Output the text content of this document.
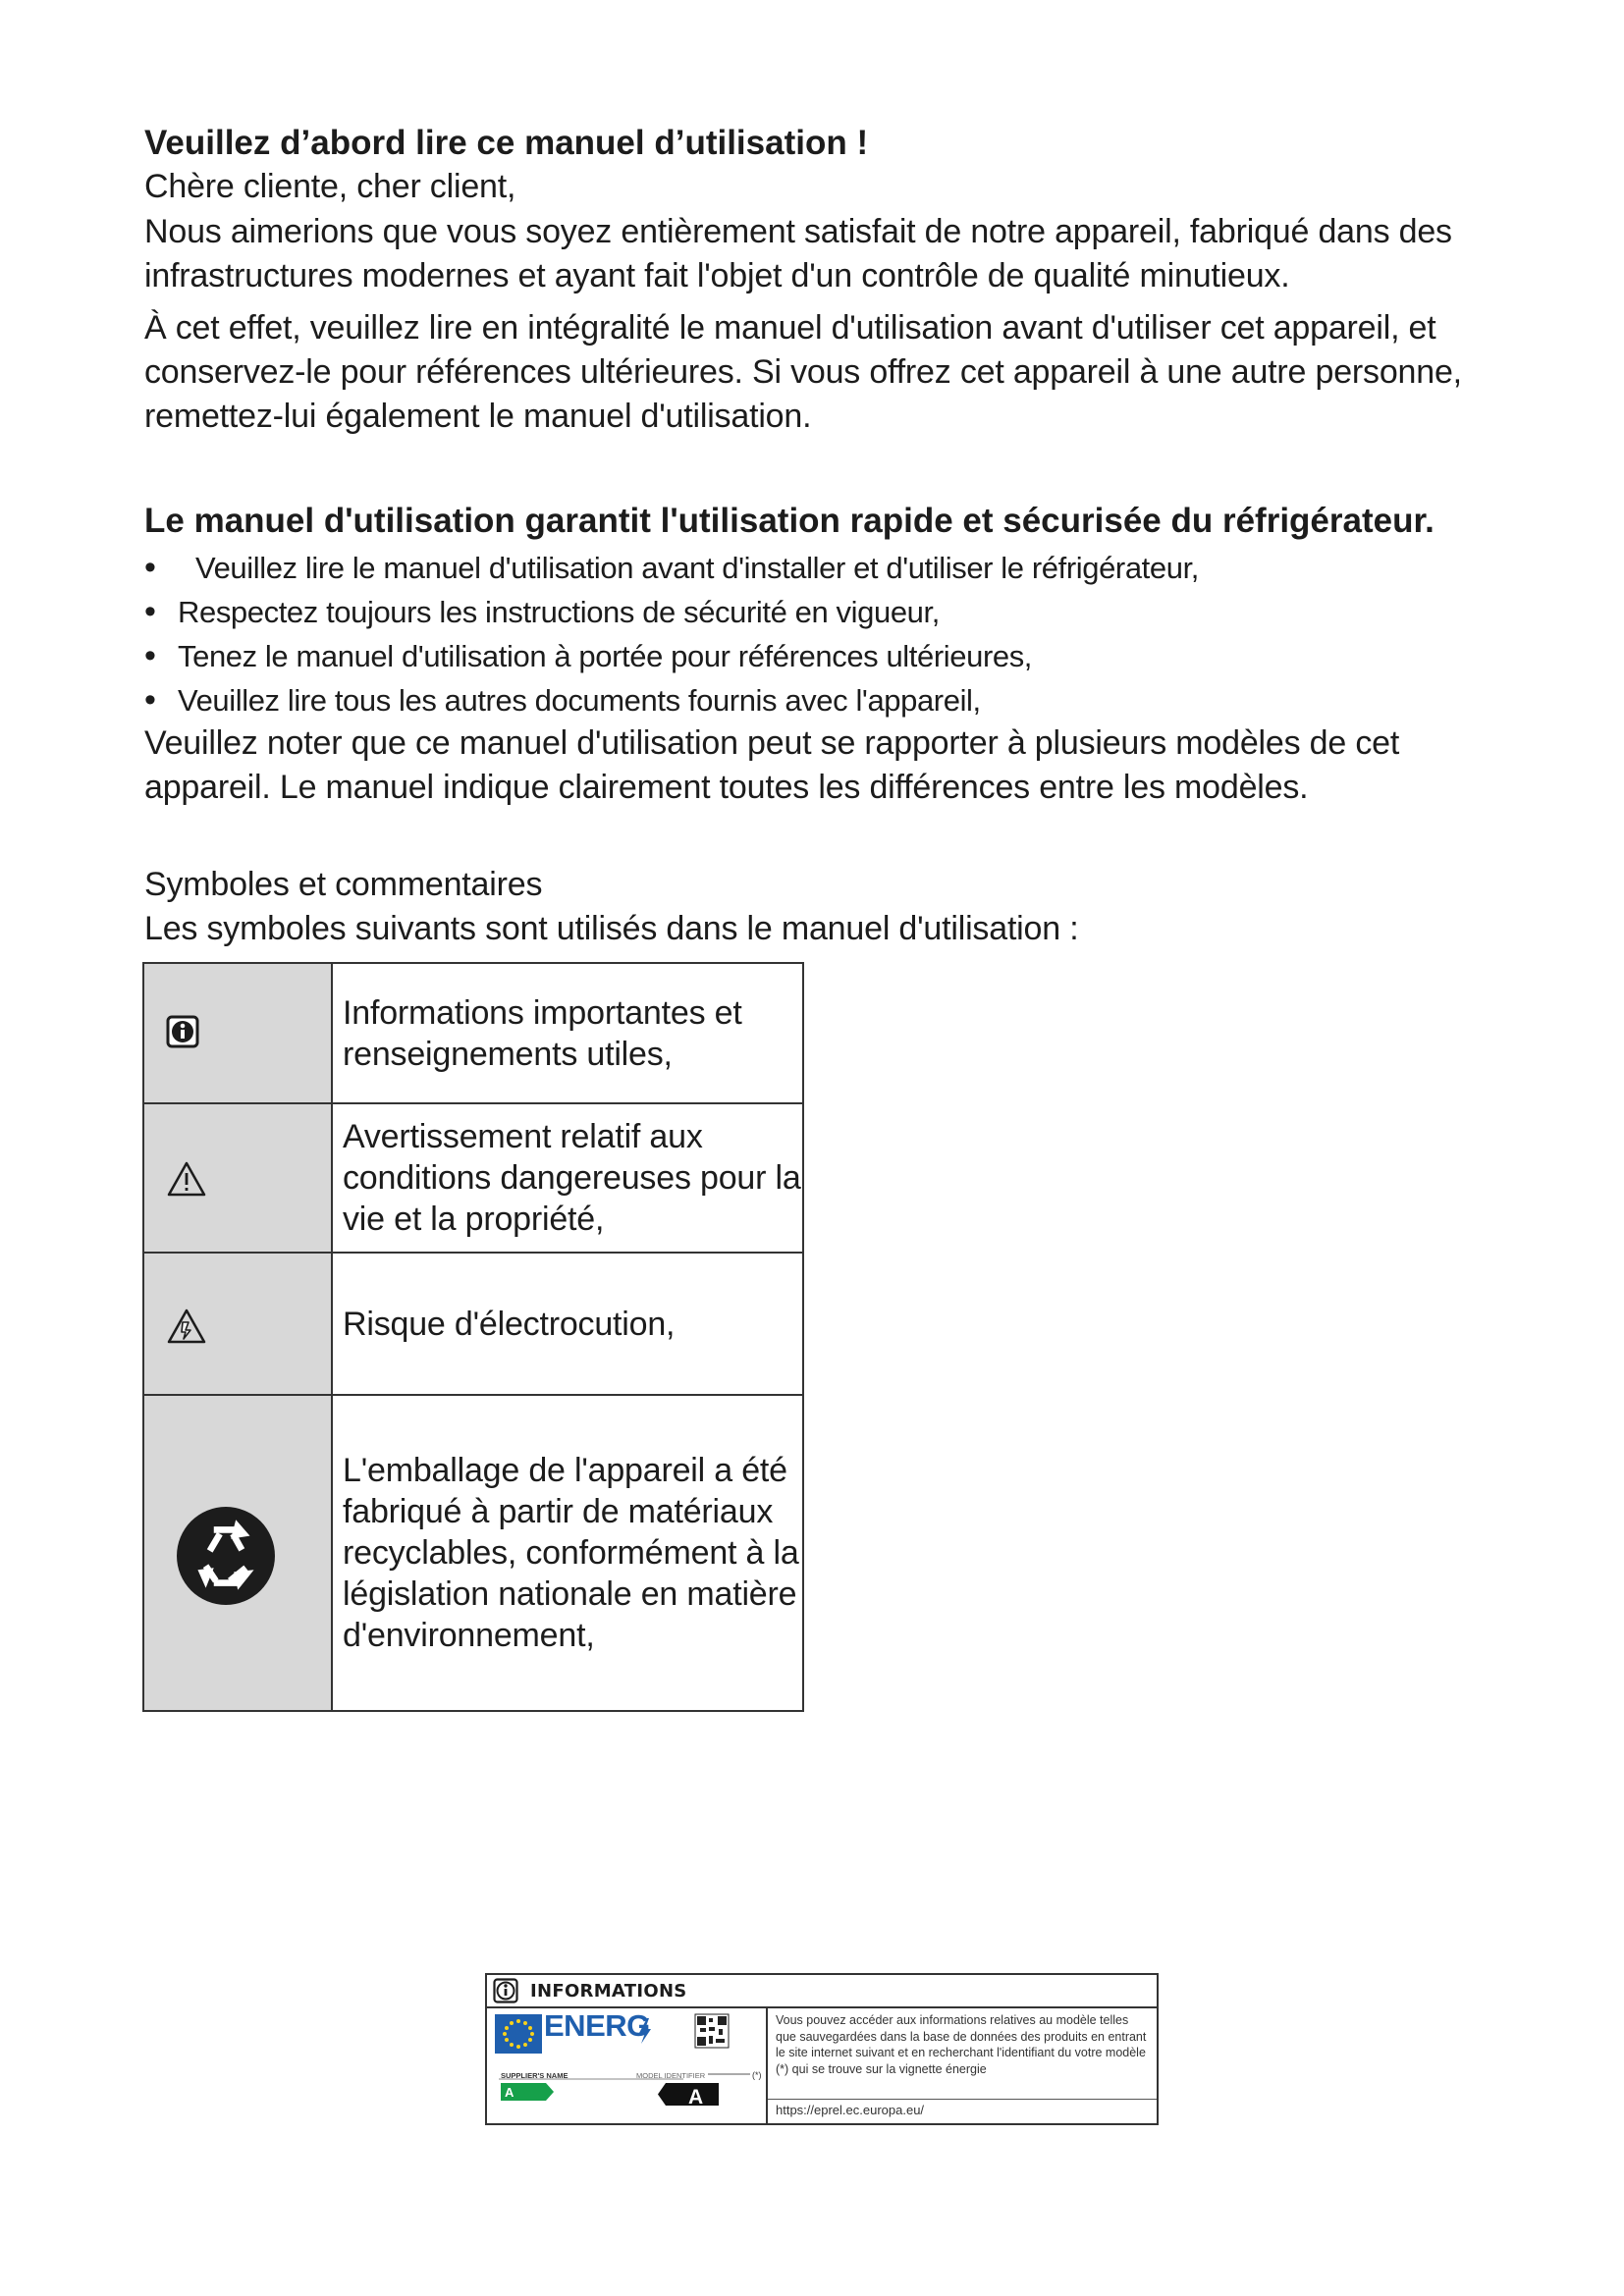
Veuillez d’abord lire ce manuel d’utilisation !

Chère cliente, cher client,

Nous aimerions que vous soyez entièrement satisfait de notre appareil, fabriqué dans des infrastructures modernes et ayant fait l'objet d'un contrôle de qualité minutieux.

À cet effet, veuillez lire en intégralité le manuel d'utilisation avant d'utiliser cet appareil, et conservez-le pour références ultérieures. Si vous offrez cet appareil à une autre personne, remettez-lui également le manuel d'utilisation.

Le manuel d'utilisation garantit l'utilisation rapide et sécurisée du réfrigérateur.

• Veuillez lire le manuel d'utilisation avant d'installer et d'utiliser le réfrigérateur,
• Respectez toujours les instructions de sécurité en vigueur,
• Tenez le manuel d'utilisation à portée pour références ultérieures,
• Veuillez lire tous les autres documents fournis avec l'appareil,

Veuillez noter que ce manuel d'utilisation peut se rapporter à plusieurs modèles de cet appareil. Le manuel indique clairement toutes les différences entre les modèles.

Symboles et commentaires

Les symboles suivants sont utilisés dans le manuel d'utilisation :

	Informations importantes et renseignements utiles,

	Avertissement relatif aux conditions dangereuses pour la vie et la propriété,

	Risque d'électrocution,

	L'emballage de l'appareil a été fabriqué à partir de matériaux recyclables, conformément à la législation nationale en matière d'environnement,
INFORMATIONS
ENERG
SUPPLIER'S NAME	MODEL IDENTIFIER	(*)
A	A
Vous pouvez accéder aux informations relatives au modèle telles que sauvegardées dans la base de données des produits en entrant le site internet suivant et en recherchant l'identifiant du votre modèle (*) qui se trouve sur la vignette énergie
https://eprel.ec.europa.eu/
